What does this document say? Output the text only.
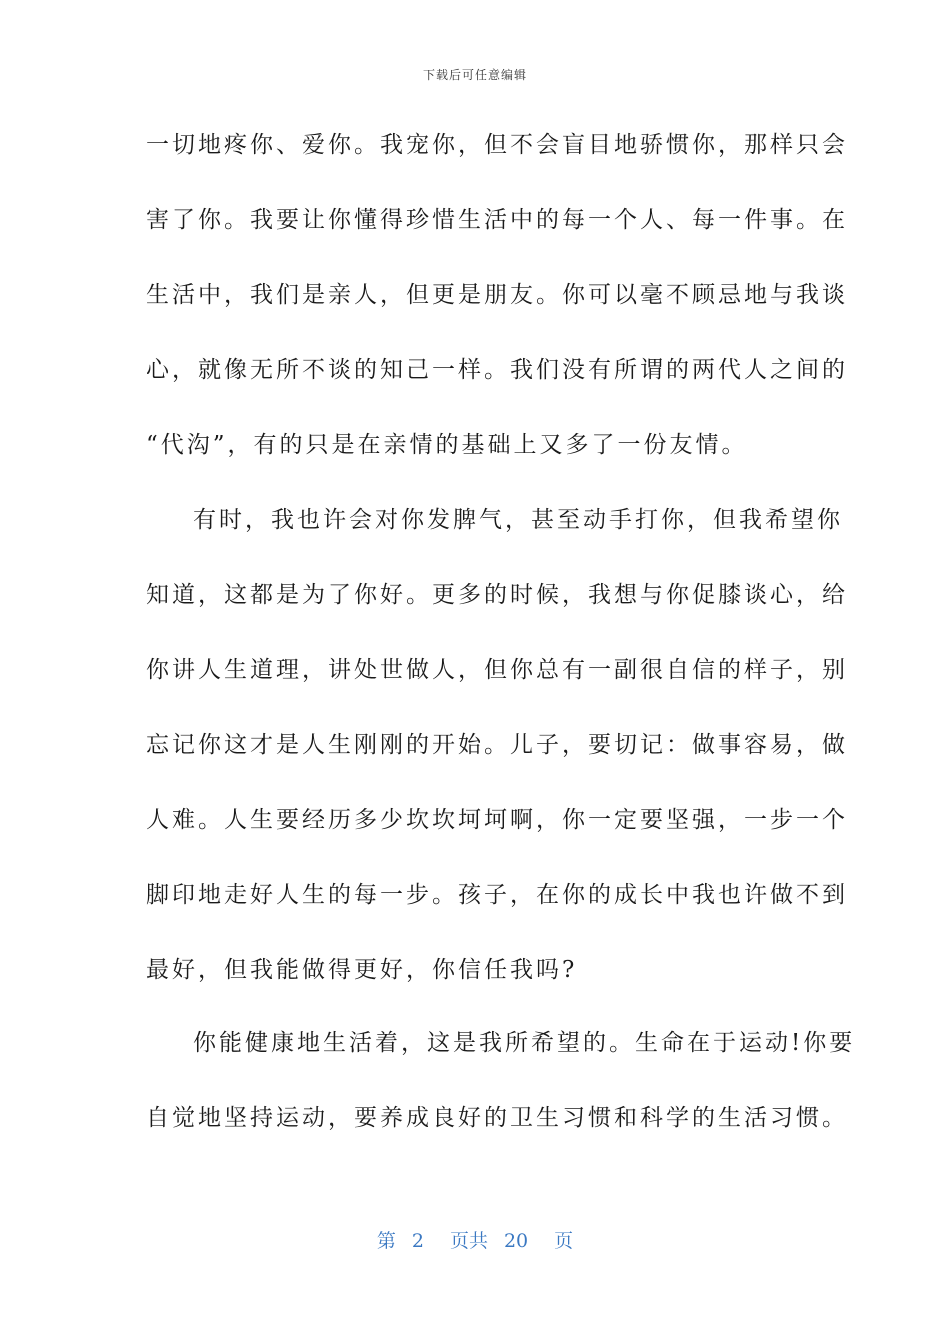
下载后可任意编辑
一切地疼你、爱你。我宠你，但不会盲目地骄惯你，那样只会
害了你。我要让你懂得珍惜生活中的每一个人、每一件事。在
生活中，我们是亲人，但更是朋友。你可以毫不顾忌地与我谈
心，就像无所不谈的知己一样。我们没有所谓的两代人之间的
“代沟”，有的只是在亲情的基础上又多了一份友情。
有时，我也许会对你发脾气，甚至动手打你，但我希望你
知道，这都是为了你好。更多的时候，我想与你促膝谈心，给
你讲人生道理，讲处世做人，但你总有一副很自信的样子，别
忘记你这才是人生刚刚的开始。儿子，要切记：做事容易，做
人难。人生要经历多少坎坎坷坷啊，你一定要坚强，一步一个
脚印地走好人生的每一步。孩子，在你的成长中我也许做不到
最好，但我能做得更好，你信任我吗?
你能健康地生活着，这是我所希望的。生命在于运动!你要
自觉地坚持运动，要养成良好的卫生习惯和科学的生活习惯。
第 2 页共 20 页
